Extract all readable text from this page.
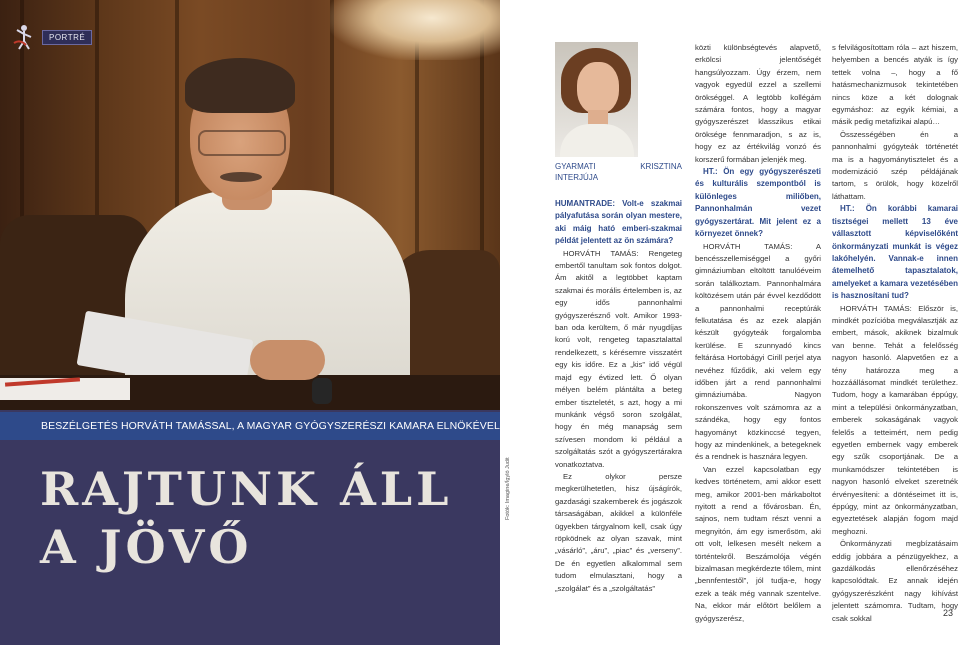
PORTRÉ
BESZÉLGETÉS HORVÁTH TAMÁSSAL, A MAGYAR GYÓGYSZERÉSZI KAMARA ELNÖKÉVEL
RAJTUNK ÁLL
A JÖVŐ
Fotók: Imagine/Ígyló Judit

GYARMATI KRISZTINA INTERJÚJA

HUMANTRADE: Volt-e szakmai pályafutása során olyan mestere, aki máig ható emberi-szakmai példát jelentett az ön számára?

HORVÁTH TAMÁS: Rengeteg embertől tanultam sok fontos dolgot. Ám akitől a legtöbbet kaptam szakmai és morális értelemben is, az egy idős pannonhalmi gyógyszerésznő volt. Amikor 1993-ban oda kerültem, ő már nyugdíjas korú volt, rengeteg tapasztalattal rendelkezett, s kérésemre visszatért egy kis időre. Ez a „kis” idő végül majd egy évtized lett. Ő olyan mélyen belém plántálta a beteg ember tiszteletét, s azt, hogy a mi munkánk végső soron szolgálat, hogy én még manapság sem szívesen mondom ki például a szolgáltatás szót a gyógyszertárakra vonatkoztatva.

Ez olykor persze megkerülhetetlen, hisz újságírók, gazdasági szakemberek és jogászok társaságában, akikkel a különféle ügyekben tárgyalnom kell, csak úgy röpködnek az olyan szavak, mint „vásárló”, „áru”, „piac” és „verseny”. De én egyetlen alkalommal sem tudom elmulasztani, hogy a „szolgálat” és a „szolgáltatás”

közti különbségtevés alapvető, erkölcsi jelentőségét hangsúlyozzam. Úgy érzem, nem vagyok egyedül ezzel a szellemi örökséggel. A legtöbb kollégám számára fontos, hogy a magyar gyógyszerészet klasszikus etikai öröksége fennmaradjon, s az is, hogy ez az értékvilág vonzó és korszerű formában jelenjék meg.

HT.: Ön egy gyógyszerészeti és kulturális szempontból is különleges miliőben, Pannonhalmán vezet gyógyszertárat. Mit jelent ez a környezet önnek?

HORVÁTH TAMÁS: A bencésszellemiséggel a győri gimnáziumban eltöltött tanulóéveim során találkoztam. Pannonhalmára költözésem után pár évvel kezdődött a pannonhalmi receptúrák felkutatása és az ezek alapján készült gyógyteák forgalomba kerülése. E szunnyadó kincs feltárása Hortobágyi Cirill perjel atya nevéhez fűződik, aki velem egy időben járt a rend pannonhalmi gimnáziumába. Nagyon rokonszenves volt számomra az a szándéka, hogy egy fontos hagyományt közkinccsé tegyen, hogy az mindenkinek, a betegeknek és a rendnek is hasznára legyen.

Van ezzel kapcsolatban egy kedves történetem, ami akkor esett meg, amikor 2001-ben márkaboltot nyitott a rend a fővárosban. Én, sajnos, nem tudtam részt venni a megnyitón, ám egy ismerősöm, aki ott volt, lelkesen mesélt nekem a történtekről. Beszámolója végén bizalmasan megkérdezte tőlem, mint „bennfentestől”, jól tudja-e, hogy ezek a teák még vannak szentelve. Na, ekkor már előtört belőlem a gyógyszerész,

s felvilágosítottam róla – azt hiszem, helyemben a bencés atyák is így tettek volna –, hogy a fő hatásmechanizmusok tekintetében nincs köze a két dolognak egymáshoz: az egyik kémiai, a másik pedig metafizikai alapú…

Összességében én a pannonhalmi gyógyteák történetét ma is a hagyománytisztelet és a modernizáció szép példájának tartom, s örülök, hogy közelről láthattam.

HT.: Ön korábbi kamarai tisztségei mellett 13 éve vállasztott képviselőként önkormányzati munkát is végez lakóhelyén. Vannak-e innen átemelhető tapasztalatok, amelyeket a kamara vezetésében is hasznosítani tud?

HORVÁTH TAMÁS: Először is, mindkét pozícióba megválasztják az embert, mások, akiknek bizalmuk van benne. Tehát a felelősség nagyon hasonló. Alapvetően ez a tény határozza meg a hozzáállásomat mindkét területhez. Tudom, hogy a kamarában éppúgy, mint a települési önkormányzatban, emberek sokaságának vagyok felelős a tetteimért, nem pedig egyetlen embernek vagy emberek egy szűk csoportjának. De a munkamódszer tekintetében is nagyon hasonló elveket szeretnék érvényesíteni: a döntéseimet itt is, éppúgy, mint az önkormányzatban, egyeztetések alapján fogom majd meghozni.

Önkormányzati megbízatásaim eddig jobbára a pénzügyekhez, a gazdálkodás ellenőrzéséhez kapcsolódtak. Ez annak idején gyógyszerészként nagy kihívást jelentett számomra. Tudtam, hogy csak sokkal

23
